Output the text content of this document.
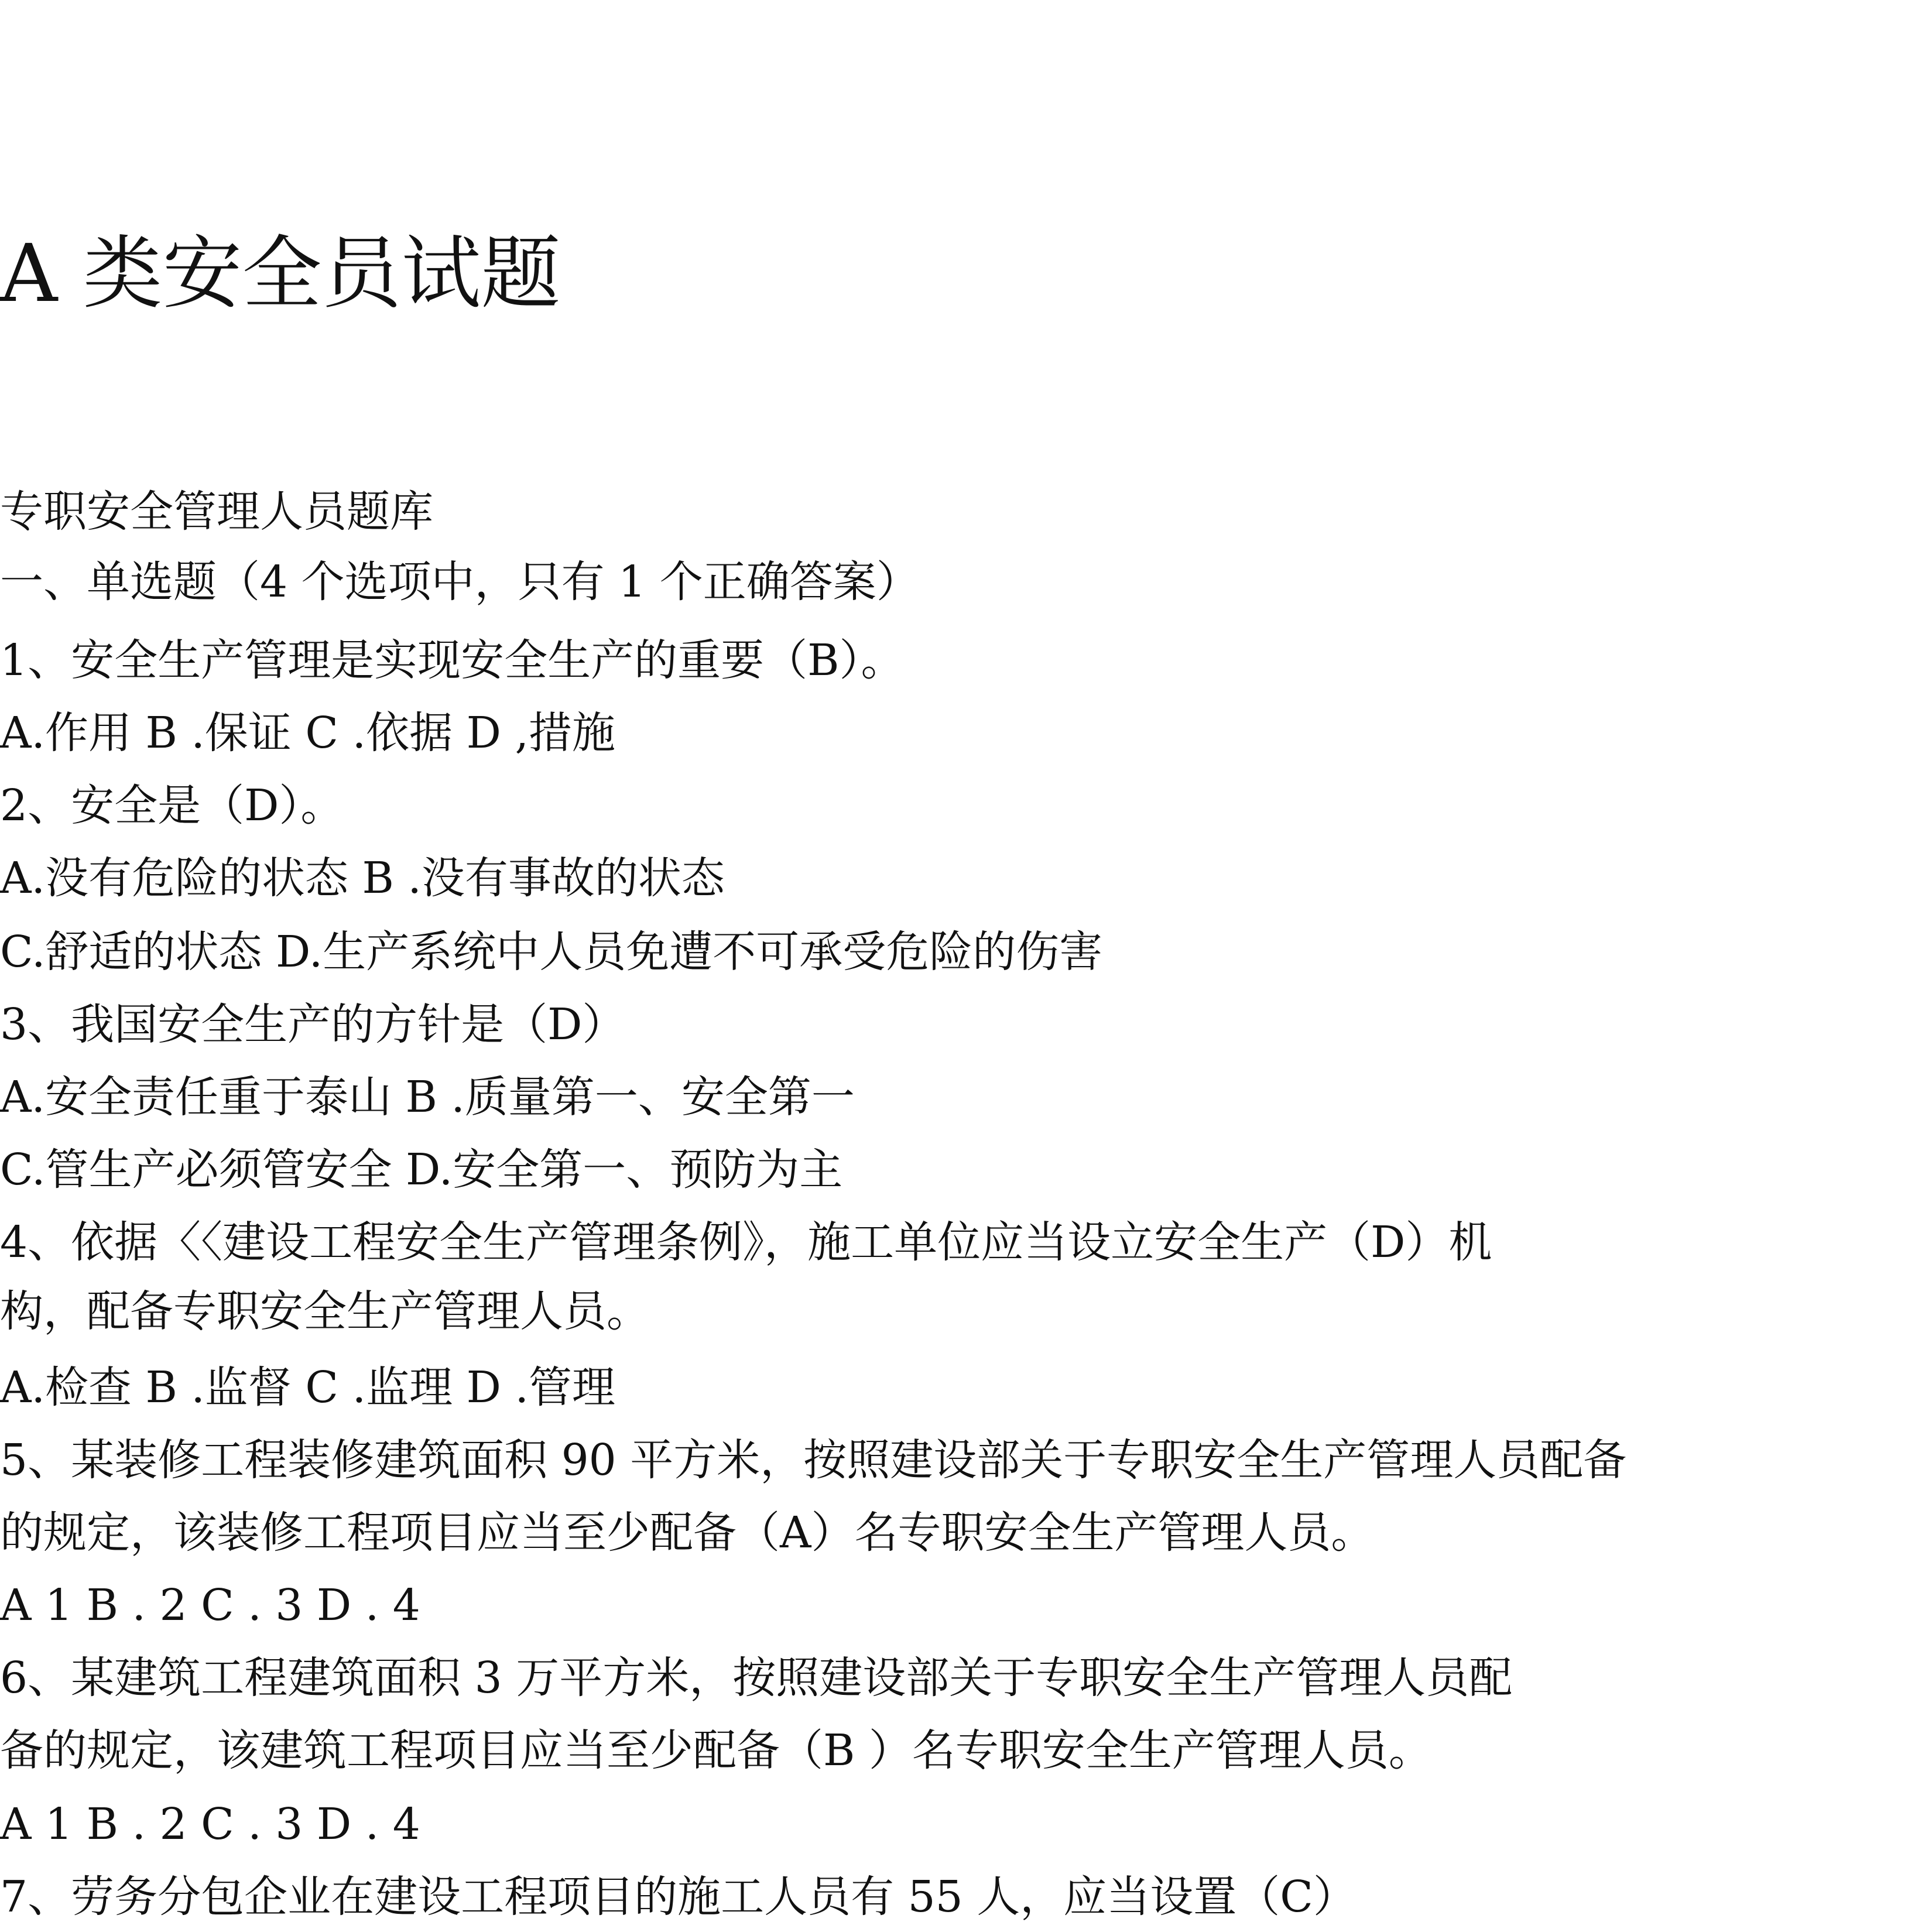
A 类安全员试题
专职安全管理人员题库
一、单选题（4 个选项中，只有 1 个正确答案）
1、安全生产管理是实现安全生产的重要（B）。
A.作用 B .保证 C .依据 D ,措施
2、安全是（D）。
A.没有危险的状态 B .没有事故的状态
C.舒适的状态 D.生产系统中人员免遭不可承受危险的伤害
3、我国安全生产的方针是（D）
A.安全责任重于泰山 B .质量第一、安全第一
C.管生产必须管安全 D.安全第一、预防为主
4、依据〈〈建设工程安全生产管理条例》，施工单位应当设立安全生产（D）机
构，配备专职安全生产管理人员。
A.检查 B .监督 C .监理 D .管理
5、某装修工程装修建筑面积 90 平方米，按照建设部关于专职安全生产管理人员配备
的规定，该装修工程项目应当至少配备（A）名专职安全生产管理人员。
A 1 B . 2 C . 3 D . 4
6、某建筑工程建筑面积 3 万平方米，按照建设部关于专职安全生产管理人员配
备的规定，该建筑工程项目应当至少配备（B ）名专职安全生产管理人员。
A 1 B . 2 C . 3 D . 4
7、劳务分包企业在建设工程项目的施工人员有 55 人，应当设置（C）
